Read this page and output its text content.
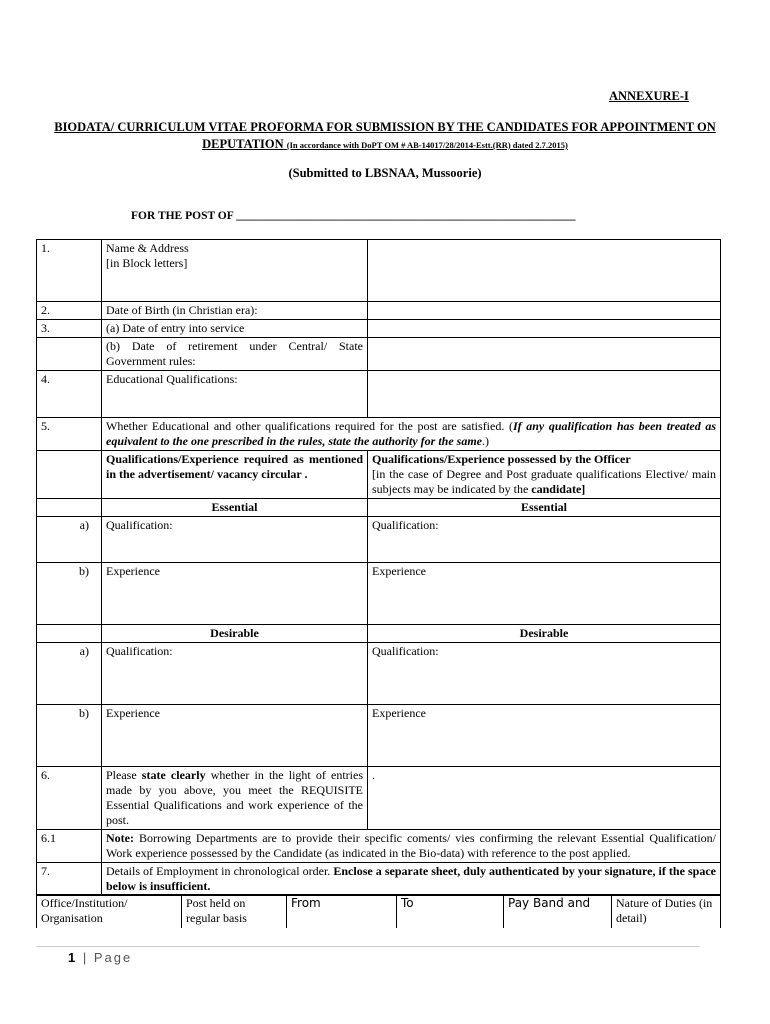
ANNEXURE-I
BIODATA/ CURRICULUM VITAE PROFORMA FOR SUBMISSION BY THE CANDIDATES FOR APPOINTMENT ON DEPUTATION (In accordance with DoPT OM # AB-14017/28/2014-Estt.(RR) dated 2.7.2015)
(Submitted to LBSNAA, Mussoorie)
FOR THE POST OF ___________________________________________________________
1.	Name & Address
[in Block letters]	

2.	Date of Birth (in Christian era):	
3.	(a) Date of entry into service	
	(b) Date of retirement under Central/ State Government rules:	
4.	Educational Qualifications:	
5.	Whether Educational and other qualifications required for the post are satisfied. (If any qualification has been treated as equivalent to the one prescribed in the rules, state the authority for the same.)	
	Qualifications/Experience required as mentioned in the advertisement/ vacancy circular .	Qualifications/Experience possessed by the Officer
[in the case of Degree and Post graduate qualifications Elective/ main subjects may be indicated by the candidate]
	Essential	Essential
a)	Qualification:	Qualification:
b)	Experience	Experience
	Desirable	Desirable
a)	Qualification:	Qualification:
b)	Experience	Experience
6.	Please state clearly whether in the light of entries made by you above, you meet the REQUISITE Essential Qualifications and work experience of the post.	.
6.1	Note: Borrowing Departments are to provide their specific coments/ vies confirming the relevant Essential Qualification/ Work experience possessed by the Candidate (as indicated in the Bio-data) with reference to the post applied.	
7.	Details of Employment in chronological order. Enclose a separate sheet, duly authenticated by your signature, if the space below is insufficient.	
Office/Institution/ Organisation	Post held on regular basis	From	To	Pay Band and	Nature of Duties (in detail)
1 | Page
